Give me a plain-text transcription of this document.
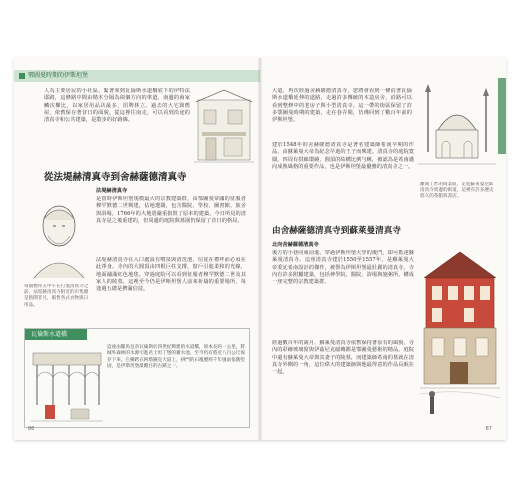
鄂圖曼時期的伊斯坦堡
人為主要居民的小社區。緊著來到瓦倫斯水道橋底下的伊特法耶路，這條路中間由精木分隔為兩個方向的車道，南邊的商家鱗次櫛比，以家居用品店最多，招牌林立。過去的大宅與舊屋，依舊保存著昔日的面貌，從這裡往南走，可以看到沿途的清真寺和公共建築，是散步的好路線。
從法堤赫清真寺到舍赫薩德清真寺
法堤赫清真寺
是當時伊斯坦堡規模最大的宗教建築群，由鄂圖曼帝國的征服者穆罕默德二世興建，佔地遼闊，包含醫院、學校、圖書館、旅舍與浴場。1766年的大地震嚴重損毀了原本的建築，今日所見的清真寺是之後重建的，但周邊的庭院與墓園仍保留了昔日的格局。
法堤赫清真寺在入口處設有噴泉與清洗池，信徒在禮拜前必須在此淨身。寺內的大圓頂由四根巨柱支撐，窗戶引進柔和的光線，地面鋪滿紅色地毯。穿過庭院可以看到征服者穆罕默德二世及其家人的陵墓，這裡至今仍是伊斯坦堡人前來祈禱的重要場所，每逢週五總是擠滿信徒。
每個禮拜五中午在打進清真寺之前，法堤赫清真寺附近的市集總是熱鬧非凡，販售各式衣物與日用品。
瓦倫斯水道橋
這座由羅馬皇帝瓦倫斯於四世紀興建的水道橋，原本長約一公里，將城外森林的水源引進君士坦丁堡的蓄水池，至今仍有將近八百公尺保存下來。它橫跨在阿塔圖克大道上，拱門的石塊歷經千年風雨依舊堅固，是伊斯坦堡最醒目的古蹟之一。
86
大道，再次經過舍赫薩德清真寺，您將會看到一條沿著瓦倫斯水道橋延伸的道路，走過許多傳統的木造房舍，沿路可以看到整修中的老房子與小型清真寺。這一帶的街區保留了許多鄂圖曼時期的建築，走在巷弄間，彷彿回到了數百年前的伊斯坦堡。
建於1548年的舍赫薩德清真寺是著名建築師希南早期的作品，由蘇萊曼大帝為紀念早逝的王子而興建。清真寺的庭院寬闊，四周有拱廊環繞，圓頂的結構比例勻稱，被認為是希南邁向成熟風格的重要作品，也是伊斯坦堡最優雅的清真寺之一。
離開工匠的商業區，走進蘇萊曼尼耶清真寺周邊的街道，這裡有許多歷史悠久的茶館與書店。
由舍赫薩德清真寺到蘇萊曼清真寺
北向舍赫薩德清真寺
後方的小巷向東前進，穿過伊斯坦堡大學的後門，即可抵達蘇萊曼清真寺。這座清真寺建於1550至1557年，是蘇萊曼大帝委託希南設計的傑作，被譽為伊斯坦堡最壯麗的清真寺。寺內有許多附屬建築，包括神學院、醫院、浴場與施粥所，構成一座完整的宗教建築群。
經過數百年的歲月，蘇萊曼清真寺依舊保持著原有的風貌，寺內的彩繪玻璃窗與伊茲尼克磁磚都是鄂圖曼藝術的精品。庭院中還有蘇萊曼大帝與其妻子的陵墓，而建築師希南的墓就在清真寺外側的一角，這位偉大的建築師與他最得意的作品長眠在一起。
87
